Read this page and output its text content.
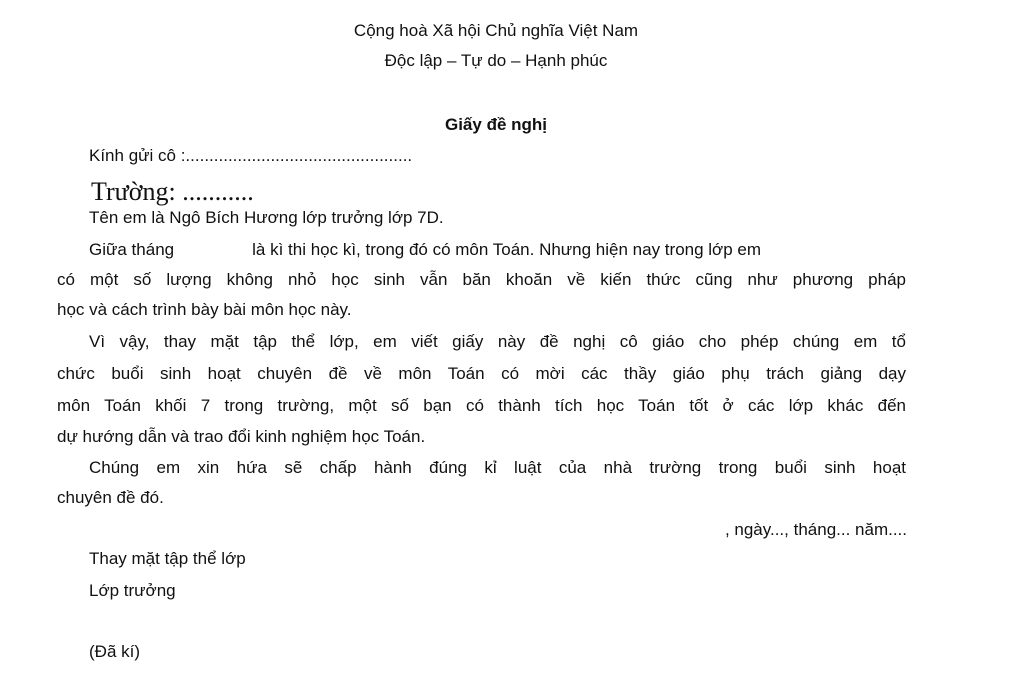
Cộng hoà Xã hội Chủ nghĩa Việt Nam
Độc lập – Tự do – Hạnh phúc
Giấy đề nghị
Kính gửi cô :................................................
Trường: ...........
Tên em là Ngô Bích Hương lớp trưởng lớp 7D.
Giữa tháng	là kì thi học kì, trong đó có môn Toán. Nhưng hiện nay trong lớp em
có một số lượng không nhỏ học sinh vẫn băn khoăn về kiến thức cũng như phương pháp
học và cách trình bày bài môn học này.
Vì vậy, thay mặt tập thể lớp, em viết giấy này đề nghị cô giáo cho phép chúng em tổ
chức buổi sinh hoạt chuyên đề về môn Toán có mời các thầy giáo phụ trách giảng dạy
môn Toán khối 7 trong trường, một số bạn có thành tích học Toán tốt ở các lớp khác đến
dự hướng dẫn và trao đổi kinh nghiệm học Toán.
Chúng em xin hứa sẽ chấp hành đúng kỉ luật của nhà trường trong buổi sinh hoạt
chuyên đề đó.
, ngày..., tháng... năm....
Thay mặt tập thể lớp
Lớp trưởng
(Đã kí)
